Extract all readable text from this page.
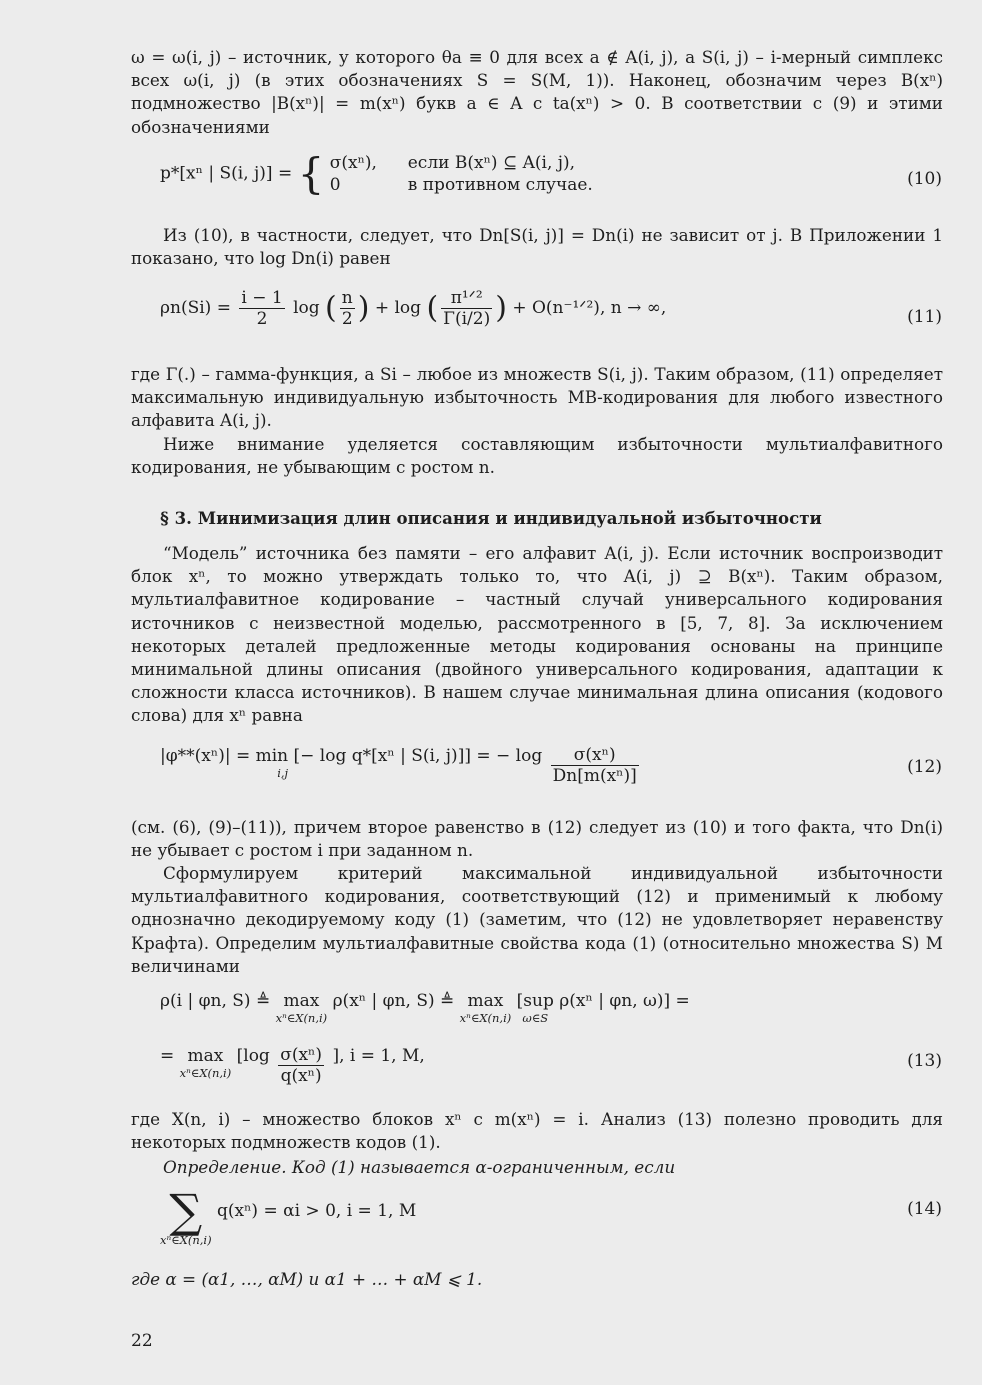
ω = ω(i, j) – источник, у которого θa ≡ 0 для всех a ∉ A(i, j), а S(i, j) – i-мерный симплекс всех ω(i, j) (в этих обозначениях S = S(M, 1)). Наконец, обозначим через B(xⁿ) подмножество |B(xⁿ)| = m(xⁿ) букв a ∈ A с ta(xⁿ) > 0. В соответствии с (9) и этими обозначениями
p*[xⁿ | S(i, j)] = { σ(xⁿ), если B(xⁿ) ⊆ A(i, j),
0	в противном случае.	(10)
Из (10), в частности, следует, что Dn[S(i, j)] = Dn(i) не зависит от j. В Приложении 1 показано, что log Dn(i) равен
$\rho n(Si) = \frac{i - 1}{2}$ log ( $\frac{n}{2}$ ) + log ( $\frac{\text{π¹ᐟ²}}{\Gamma(i/2)}$ ) + O(n⁻¹ᐟ²), n → ∞,	(11)
где Γ(.) – гамма-функция, а Si – любое из множеств S(i, j). Таким образом, (11) определяет максимальную индивидуальную избыточность МВ-кодирования для любого известного алфавита A(i, j).
Ниже внимание уделяется составляющим избыточности мультиалфавитного кодирования, не убывающим с ростом n.
§ 3. Минимизация длин описания и индивидуальной избыточности
“Модель” источника без памяти – его алфавит A(i, j). Если источник воспроизводит блок xⁿ, то можно утверждать только то, что A(i, j) ⊇ B(xⁿ). Таким образом, мультиалфавитное кодирование – частный случай универсального кодирования источников с неизвестной моделью, рассмотренного в [5, 7, 8]. За исключением некоторых деталей предложенные методы кодирования основаны на принципе минимальной длины описания (двойного универсального кодирования, адаптации к сложности класса источников). В нашем случае минимальная длина описания (кодового слова) для xⁿ равна
|φ**(xⁿ)| = min
i,j
[− log q*[xⁿ | S(i, j)]] = − $\log \frac{\text{σ(xⁿ)}}{\text{Dn[m(xⁿ)]}}$	(12)
(см. (6), (9)–(11)), причем второе равенство в (12) следует из (10) и того факта, что Dn(i) не убывает с ростом i при заданном n.
Сформулируем критерий максимальной индивидуальной избыточности мультиалфавитного кодирования, соответствующий (12) и применимый к любому однозначно декодируемому коду (1) (заметим, что (12) не удовлетворяет неравенству Крафта). Определим мультиалфавитные свойства кода (1) (относительно множества S) M величинами
ρ(i | φn, S) ≜ max
xⁿ∈X(n,i)
ρ(xⁿ | φn, S) ≜ max
xⁿ∈X(n,i)
[sup
ω∈S
ρ(xⁿ | φn, ω)] =
= max
xⁿ∈X(n,i)
[$\log \frac{\text{σ(xⁿ)}}{\text{q(xⁿ)}}$ ], i = 1, M,	(13)
где X(n, i) – множество блоков xⁿ с m(xⁿ) = i. Анализ (13) полезно проводить для некоторых подмножеств кодов (1).
Определение. Код (1) называется α-ограниченным, если
∑
xⁿ∈X(n,i)
q(xⁿ) = αi > 0, i = 1, M	(14)
где α = (α1, …, αM) и α1 + … + αM ⩽ 1.
22
